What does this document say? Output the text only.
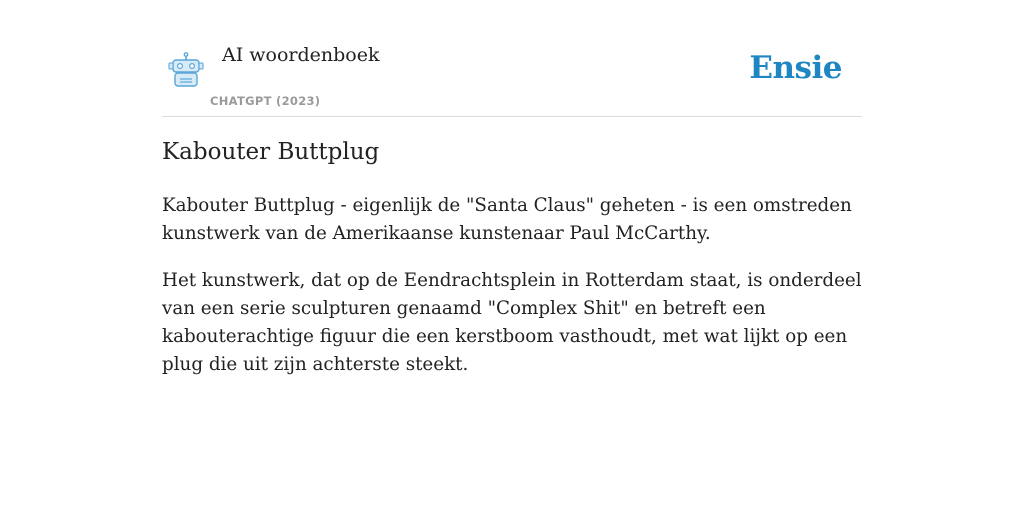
AI woordenboek
CHATGPT (2023)
Ensie
Kabouter Buttplug

Kabouter Buttplug - eigenlijk de "Santa Claus" geheten - is een omstreden kunstwerk van de Amerikaanse kunstenaar Paul McCarthy.

Het kunstwerk, dat op de Eendrachtsplein in Rotterdam staat, is onderdeel van een serie sculpturen genaamd "Complex Shit" en betreft een kabouterachtige figuur die een kerstboom vasthoudt, met wat lijkt op een plug die uit zijn achterste steekt.
